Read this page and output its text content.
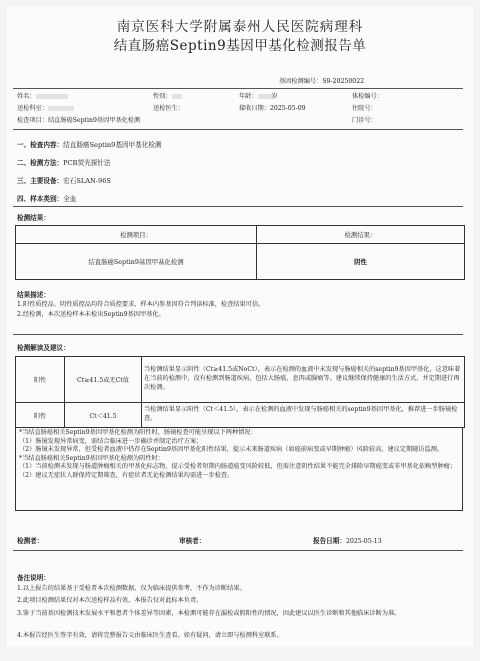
南京医科大学附属泰州人民医院病理科
结直肠癌Septin9基因甲基化检测报告单
基因检测编号：S9-20250022
姓名：	性别：	年龄： 岁	体检编号：
送检科室：	送检医生：	接收日期：2025-05-09	住院号：
检查项目：结直肠癌Septin9基因甲基化检测	门诊号：
一、检查内容：结直肠癌Septin9基因甲基化检测
二、检测方法：PCR荧光探针法
三、主要设备：宏石SLAN-96S
四、样本类别：全血
检测结果：
检测项目：	检测结果：
结直肠癌Septin9基因甲基化检测	阴性
结果描述：
1.阳性质控品、阴性质控品均符合质控要求，样本内参基因符合判读标准，检查结果可信。
2.经检测，本次送检样本未检出Septin9基因甲基化。
检测解读及建议：
阳性	Ct≥41.5或无Ct值	当检测结果显示阴性（Ct≥41.5或NoCt），表示在检测的血液中未发现与肠癌相关的septin9基因甲基化，这意味着在当前的检测中，没有检测到肠道疾病，包括大肠癌，息肉或腺瘤等。建议继续保持健康的生活方式，并定期进行再次检测。
阳性	Ct＜41.5	当检测结果显示阳性（Ct＜41.5），表示在检测的血液中发现与肠癌相关的septin9基因甲基化，推荐进一步肠镜检查。
*当结直肠癌相关Septin9基因甲基化检测为阳性时，肠镜检查可能呈现以下两种情况：
（1）肠镜发现异常病变，需结合临床进一步确诊并制定治疗方案；
（2）肠镜未发现异常，但受检者血液中仍存在Septin9基因甲基化阳性结果，提示未来肠道疾病（如癌前病变或早期肿瘤）风险较高，建议定期随访监测。
*当结直肠癌相关Septin9基因甲基化检测为阴性时：
（1）当前检测未发现与肠道肿瘤相关的甲基化标志物，提示受检者短期内肠道癌变风险较低，但需注意阴性结果不能完全排除早期癌变或非甲基化依赖型肿瘤；
（2）建议无症状人群保持定期筛查，有症状者无论检测结果均需进一步检查。
检测者：	审核者：	报告日期：2025-05-13
备注说明：
1.以上报告的结果基于受检者本次检测数据，仅为临床提供参考，不作为诊断结果。
2.此项目检测结果仅对本次送检样品有效，本报告仅对此标本负责。
3.鉴于当前基因检测技术发展水平和患者个体差异等因素，本检测可能存在漏检或假阳性的情况，因此建议以医生诊断和其他临床诊断为准。
4.本报告经医生签字有效，请将完整报告交由临床医生查看。如有疑问，请立即与检测科室联系。
